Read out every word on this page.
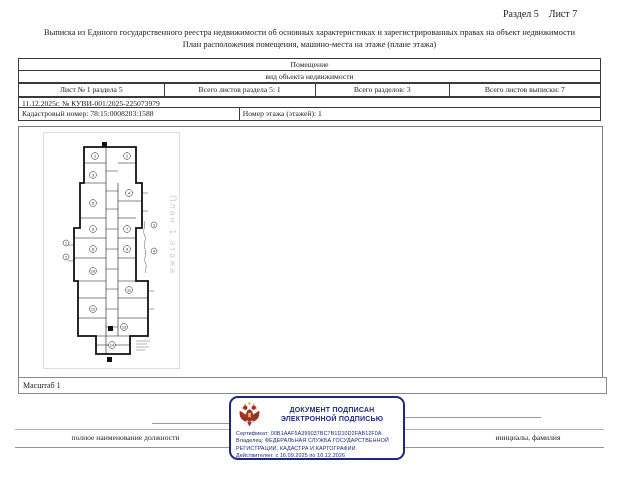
Раздел 5 Лист 7
Выписка из Единого государственного реестра недвижимости об основных характеристиках и зарегистрированных правах на объект недвижимости
План расположения помещения, машино-места на этаже (плане этажа)
Помещение
вид объекта недвижимости
Лист № 1 раздела 5	Всего листов раздела 5: 1	Всего разделов: 3	Всего листов выписки: 7
11.12.2025г. № КУВИ-001/2025-225073979
Кадастровый номер: 78:15:0008203:1588	Номер этажа (этажей): 1
План 1 этажа
1	2
3
4
5
6	7
8	9
10
11
12
13
14
1
2
3
4
Масштаб 1
полное наименование должности	инициалы, фамилия
ДОКУМЕНТ ПОДПИСАН
ЭЛЕКТРОННОЙ ПОДПИСЬЮ
Сертификат: 00B1AAF5A399037BC7B1D10D2FAB12F0A
Владелец: ФЕДЕРАЛЬНАЯ СЛУЖБА ГОСУДАРСТВЕННОЙ
РЕГИСТРАЦИИ, КАДАСТРА И КАРТОГРАФИИ
Действителен: с 16.09.2025 по 10.12.2026
